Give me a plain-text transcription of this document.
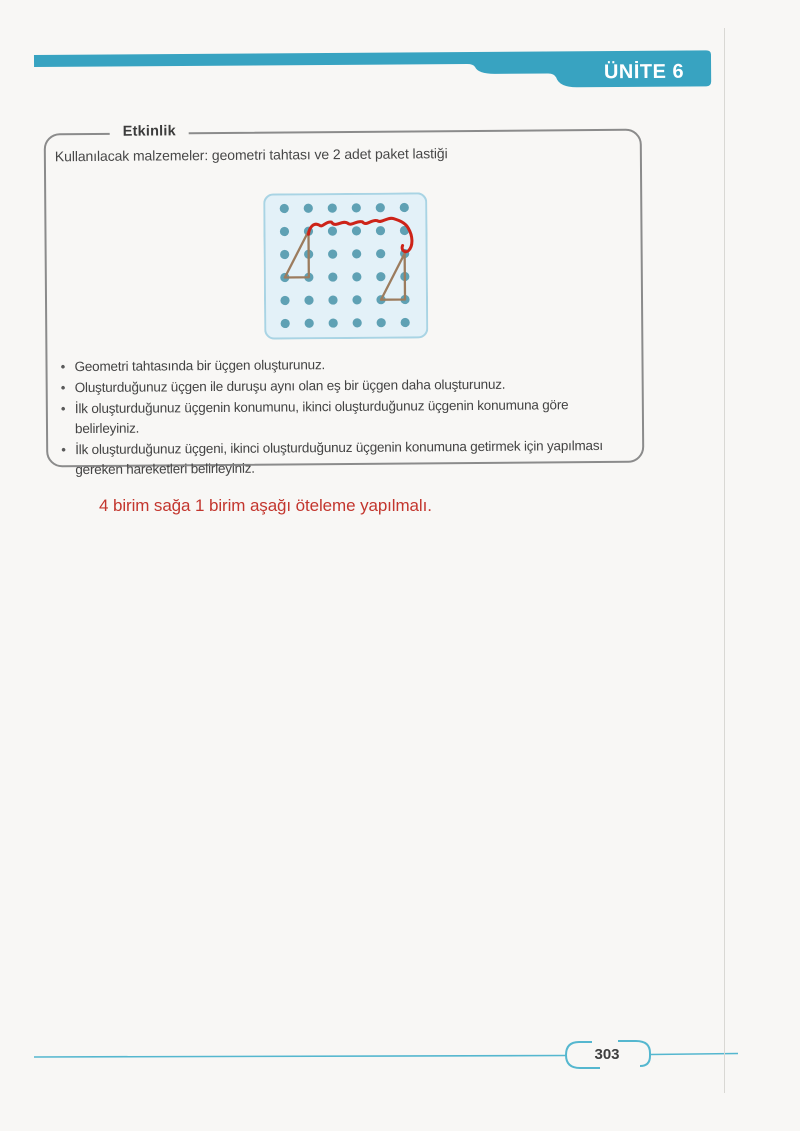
ÜNİTE 6
Etkinlik
Kullanılacak malzemeler: geometri tahtası ve 2 adet paket lastiği
• Geometri tahtasında bir üçgen oluşturunuz.
• Oluşturduğunuz üçgen ile duruşu aynı olan eş bir üçgen daha oluşturunuz.
• İlk oluşturduğunuz üçgenin konumunu, ikinci oluşturduğunuz üçgenin konumuna göre belirleyiniz.
• İlk oluşturduğunuz üçgeni, ikinci oluşturduğunuz üçgenin konumuna getirmek için yapılması gereken hareketleri belirleyiniz.
4 birim sağa 1 birim aşağı öteleme yapılmalı.
303
